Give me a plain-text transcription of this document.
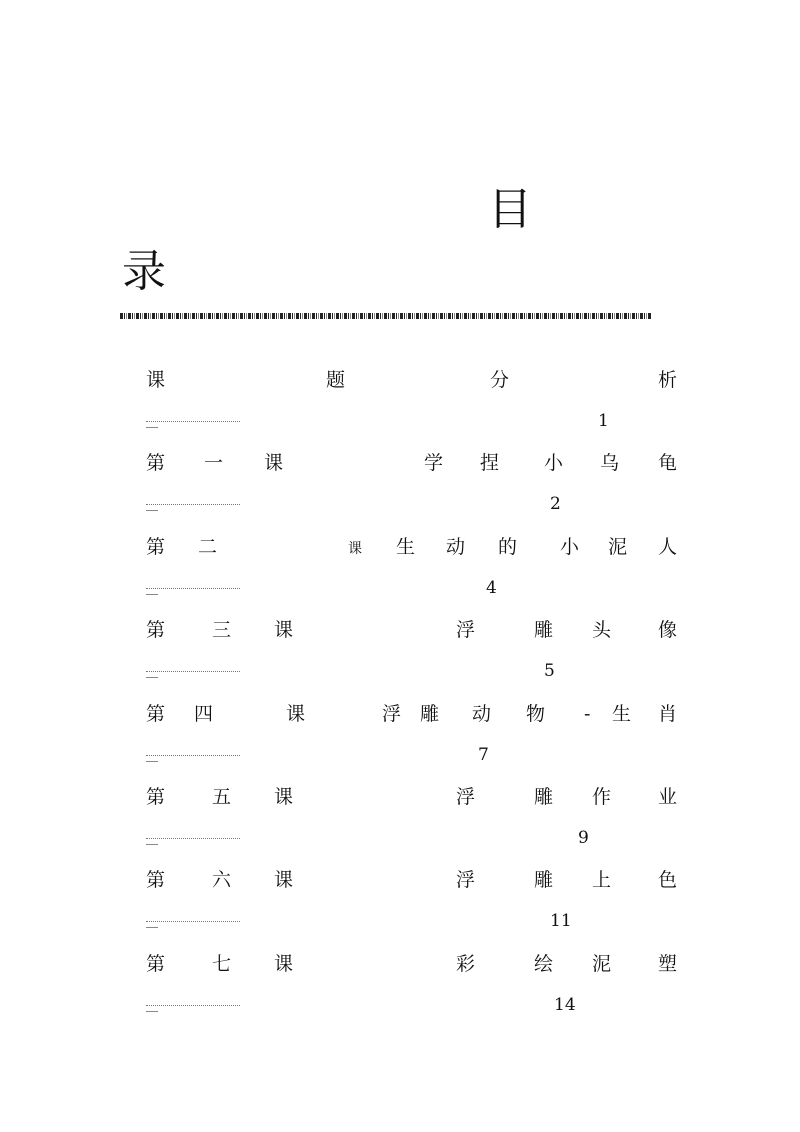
目
录
课	题	分	析
1
第 一 课	学 捏 小 乌 龟
2
第 二	课 生 动 的 小 泥 人
4
第 三 课	浮	雕 头 像
5
第 四	课	浮 雕 动 物 - 生 肖
7
第 五 课	浮	雕 作 业
9
第 六 课	浮	雕 上 色
11
第 七 课	彩	绘 泥 塑
14
